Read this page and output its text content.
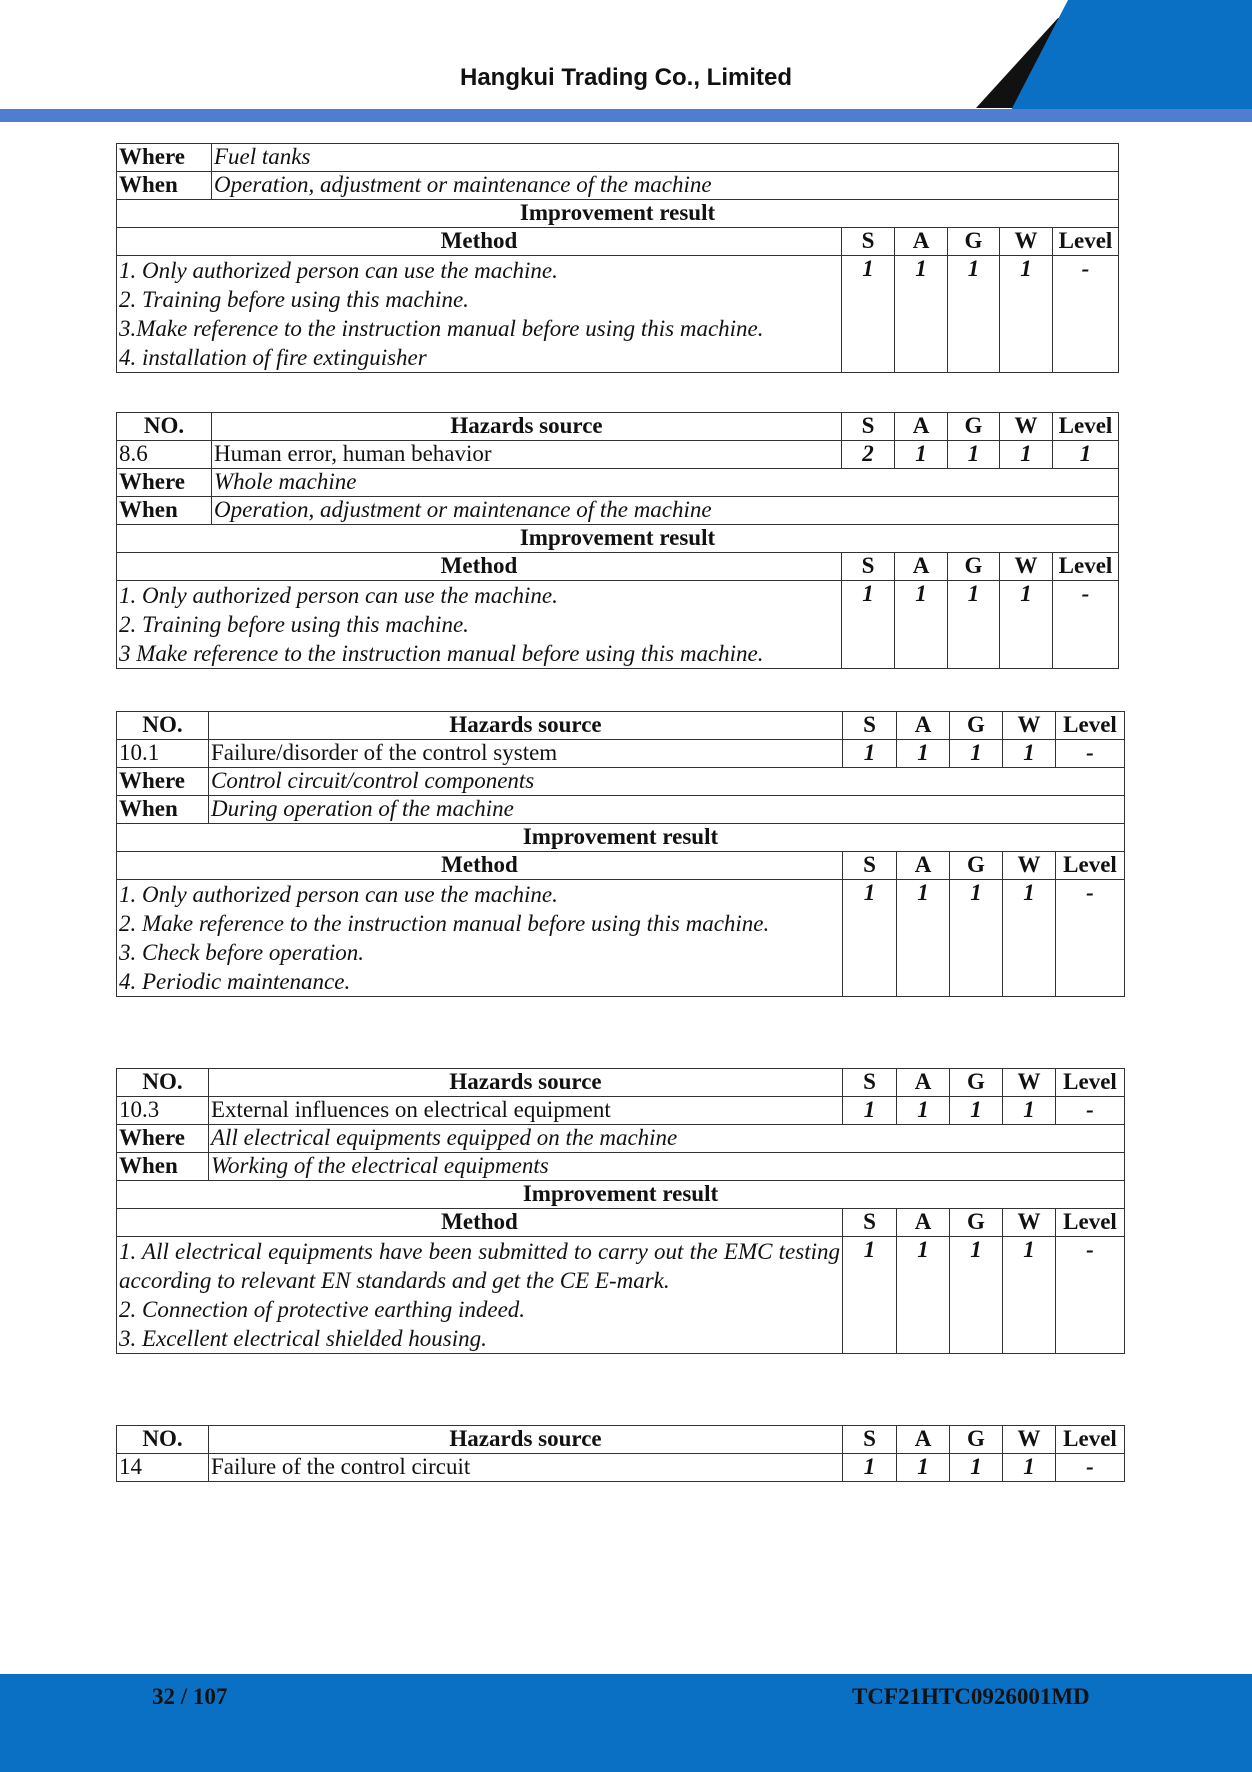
Hangkui Trading Co., Limited
Where	Fuel tanks					
When	Operation, adjustment or maintenance of the machine					
Improvement result						
Method		S	A	G	W	Level

1. Only authorized person can use the machine.
2. Training before using this machine.
3.Make reference to the instruction manual before using this machine.
4. installation of fire extinguisher		1	1	1	1	-
NO.	Hazards source	S	A	G	W	Level
8.6	Human error, human behavior	2	1	1	1	1
Where	Whole machine					
When	Operation, adjustment or maintenance of the machine					
Improvement result						
Method		S	A	G	W	Level

1. Only authorized person can use the machine.
2. Training before using this machine.
3 Make reference to the instruction manual before using this machine.		1	1	1	1	-
NO.	Hazards source	S	A	G	W	Level
10.1	Failure/disorder of the control system	1	1	1	1	-
Where	Control circuit/control components					
When	During operation of the machine					
Improvement result						
Method		S	A	G	W	Level

1. Only authorized person can use the machine.
2. Make reference to the instruction manual before using this machine.
3. Check before operation.
4. Periodic maintenance.		1	1	1	1	-
NO.	Hazards source	S	A	G	W	Level
10.3	External influences on electrical equipment	1	1	1	1	-
Where	All electrical equipments equipped on the machine					
When	Working of the electrical equipments					
Improvement result						
Method		S	A	G	W	Level

1. All electrical equipments have been submitted to carry out the EMC testing according to relevant EN standards and get the CE E-mark.
2. Connection of protective earthing indeed.
3. Excellent electrical shielded housing.		1	1	1	1	-
NO.	Hazards source	S	A	G	W	Level
14	Failure of the control circuit	1	1	1	1	-
32 / 107	TCF21HTC0926001MD
